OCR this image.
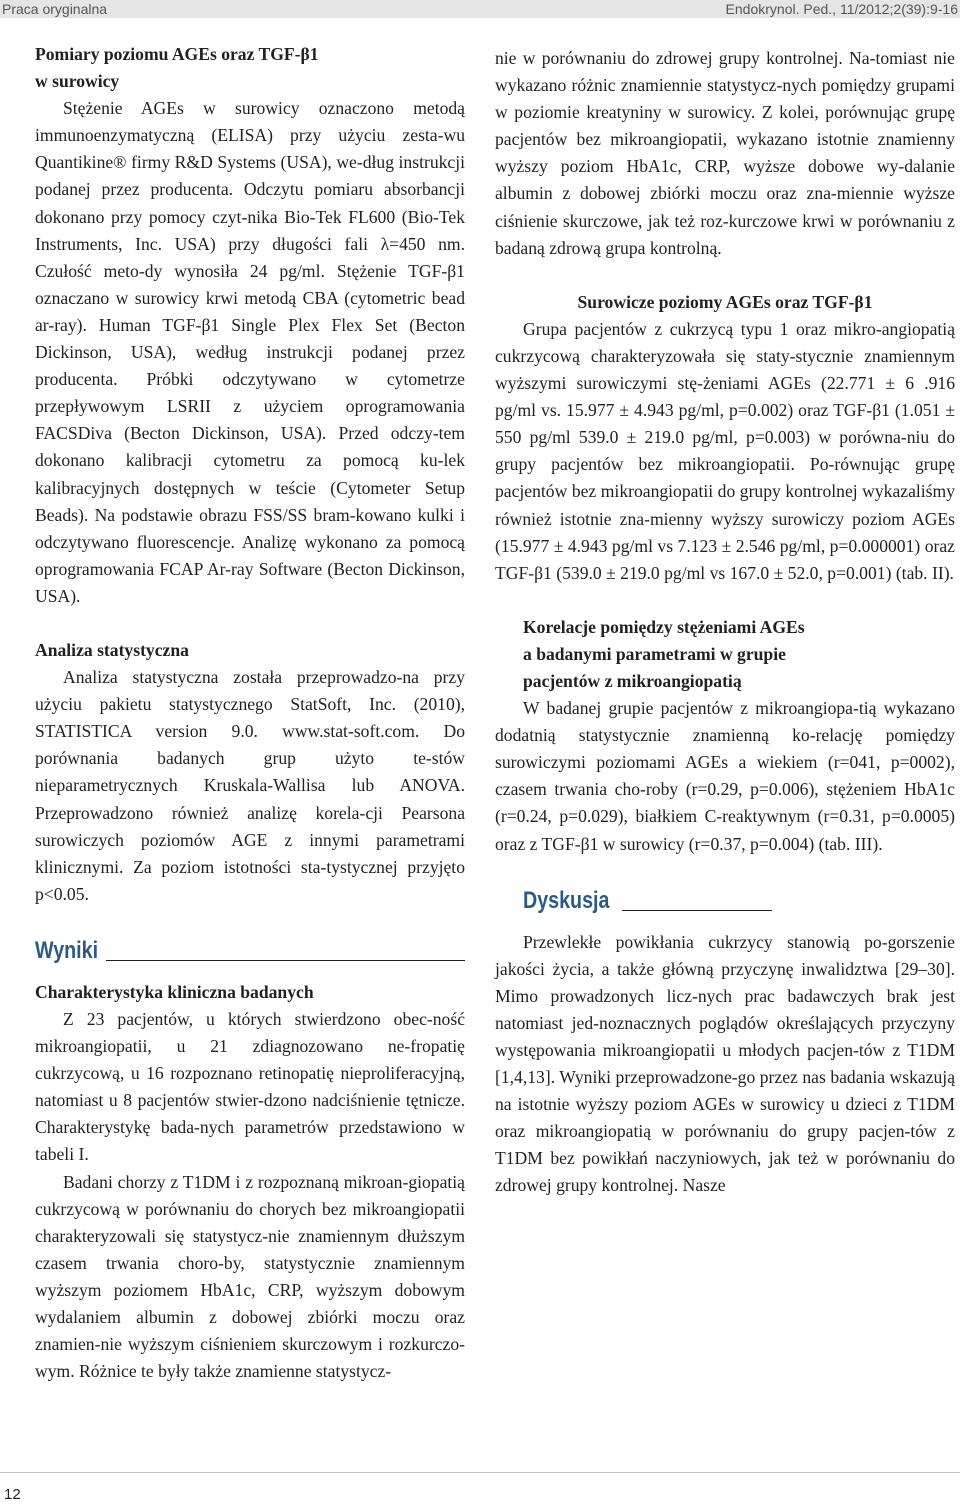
Praca oryginalna	Endokrynol. Ped., 11/2012;2(39):9-16
Pomiary poziomu AGEs oraz TGF-β1
w surowicy

Stężenie AGEs w surowicy oznaczono metodą immunoenzymatyczną (ELISA) przy użyciu zesta-wu Quantikine® firmy R&D Systems (USA), we-dług instrukcji podanej przez producenta. Odczytu pomiaru absorbancji dokonano przy pomocy czyt-nika Bio-Tek FL600 (Bio-Tek Instruments, Inc. USA) przy długości fali λ=450 nm. Czułość meto-dy wynosiła 24 pg/ml. Stężenie TGF-β1 oznaczano w surowicy krwi metodą CBA (cytometric bead ar-ray). Human TGF-β1 Single Plex Flex Set (Becton Dickinson, USA), według instrukcji podanej przez producenta. Próbki odczytywano w cytometrze przepływowym LSRII z użyciem oprogramowania FACSDiva (Becton Dickinson, USA). Przed odczy-tem dokonano kalibracji cytometru za pomocą ku-lek kalibracyjnych dostępnych w teście (Cytometer Setup Beads). Na podstawie obrazu FSS/SS bram-kowano kulki i odczytywano fluorescencje. Analizę wykonano za pomocą oprogramowania FCAP Ar-ray Software (Becton Dickinson, USA).

Analiza statystyczna

Analiza statystyczna została przeprowadzo-na przy użyciu pakietu statystycznego StatSoft, Inc. (2010), STATISTICA version 9.0. www.stat-soft.com. Do porównania badanych grup użyto te-stów nieparametrycznych Kruskala-Wallisa lub ANOVA. Przeprowadzono również analizę korela-cji Pearsona surowiczych poziomów AGE z innymi parametrami klinicznymi. Za poziom istotności sta-tystycznej przyjęto p<0.05.

Wyniki
Charakterystyka kliniczna badanych

Z 23 pacjentów, u których stwierdzono obec-ność mikroangiopatii, u 21 zdiagnozowano ne-fropatię cukrzycową, u 16 rozpoznano retinopatię nieproliferacyjną, natomiast u 8 pacjentów stwier-dzono nadciśnienie tętnicze. Charakterystykę bada-nych parametrów przedstawiono w tabeli I.

Badani chorzy z T1DM i z rozpoznaną mikroan-giopatią cukrzycową w porównaniu do chorych bez mikroangiopatii charakteryzowali się statystycz-nie znamiennym dłuższym czasem trwania choro-by, statystycznie znamiennym wyższym poziomem HbA1c, CRP, wyższym dobowym wydalaniem albumin z dobowej zbiórki moczu oraz znamien-nie wyższym ciśnieniem skurczowym i rozkurczo-wym. Różnice te były także znamienne statystycz-

nie w porównaniu do zdrowej grupy kontrolnej. Na-tomiast nie wykazano różnic znamiennie statystycz-nych pomiędzy grupami w poziomie kreatyniny w surowicy. Z kolei, porównując grupę pacjentów bez mikroangiopatii, wykazano istotnie znamienny wyższy poziom HbA1c, CRP, wyższe dobowe wy-dalanie albumin z dobowej zbiórki moczu oraz zna-miennie wyższe ciśnienie skurczowe, jak też roz-kurczowe krwi w porównaniu z badaną zdrową grupa kontrolną.

Surowicze poziomy AGEs oraz TGF-β1

Grupa pacjentów z cukrzycą typu 1 oraz mikro-angiopatią cukrzycową charakteryzowała się staty-stycznie znamiennym wyższymi surowiczymi stę-żeniami AGEs (22.771 ± 6 .916 pg/ml vs. 15.977 ± 4.943 pg/ml, p=0.002) oraz TGF-β1 (1.051 ± 550 pg/ml 539.0 ± 219.0 pg/ml, p=0.003) w porówna-niu do grupy pacjentów bez mikroangiopatii. Po-równując grupę pacjentów bez mikroangiopatii do grupy kontrolnej wykazaliśmy również istotnie zna-mienny wyższy surowiczy poziom AGEs (15.977 ± 4.943 pg/ml vs 7.123 ± 2.546 pg/ml, p=0.000001) oraz TGF-β1 (539.0 ± 219.0 pg/ml vs 167.0 ± 52.0, p=0.001) (tab. II).

Korelacje pomiędzy stężeniami AGEs
a badanymi parametrami w grupie
pacjentów z mikroangiopatią

W badanej grupie pacjentów z mikroangiopa-tią wykazano dodatnią statystycznie znamienną ko-relację pomiędzy surowiczymi poziomami AGEs a wiekiem (r=041, p=0002), czasem trwania cho-roby (r=0.29, p=0.006), stężeniem HbA1c (r=0.24, p=0.029), białkiem C-reaktywnym (r=0.31, p=0.0005) oraz z TGF-β1 w surowicy (r=0.37, p=0.004) (tab. III).

Dyskusja

Przewlekłe powikłania cukrzycy stanowią po-gorszenie jakości życia, a także główną przyczynę inwalidztwa [29–30]. Mimo prowadzonych licz-nych prac badawczych brak jest natomiast jed-noznacznych poglądów określających przyczyny występowania mikroangiopatii u młodych pacjen-tów z T1DM [1,4,13]. Wyniki przeprowadzone-go przez nas badania wskazują na istotnie wyższy poziom AGEs w surowicy u dzieci z T1DM oraz mikroangiopatią w porównaniu do grupy pacjen-tów z T1DM bez powikłań naczyniowych, jak też w porównaniu do zdrowej grupy kontrolnej. Nasze

12
